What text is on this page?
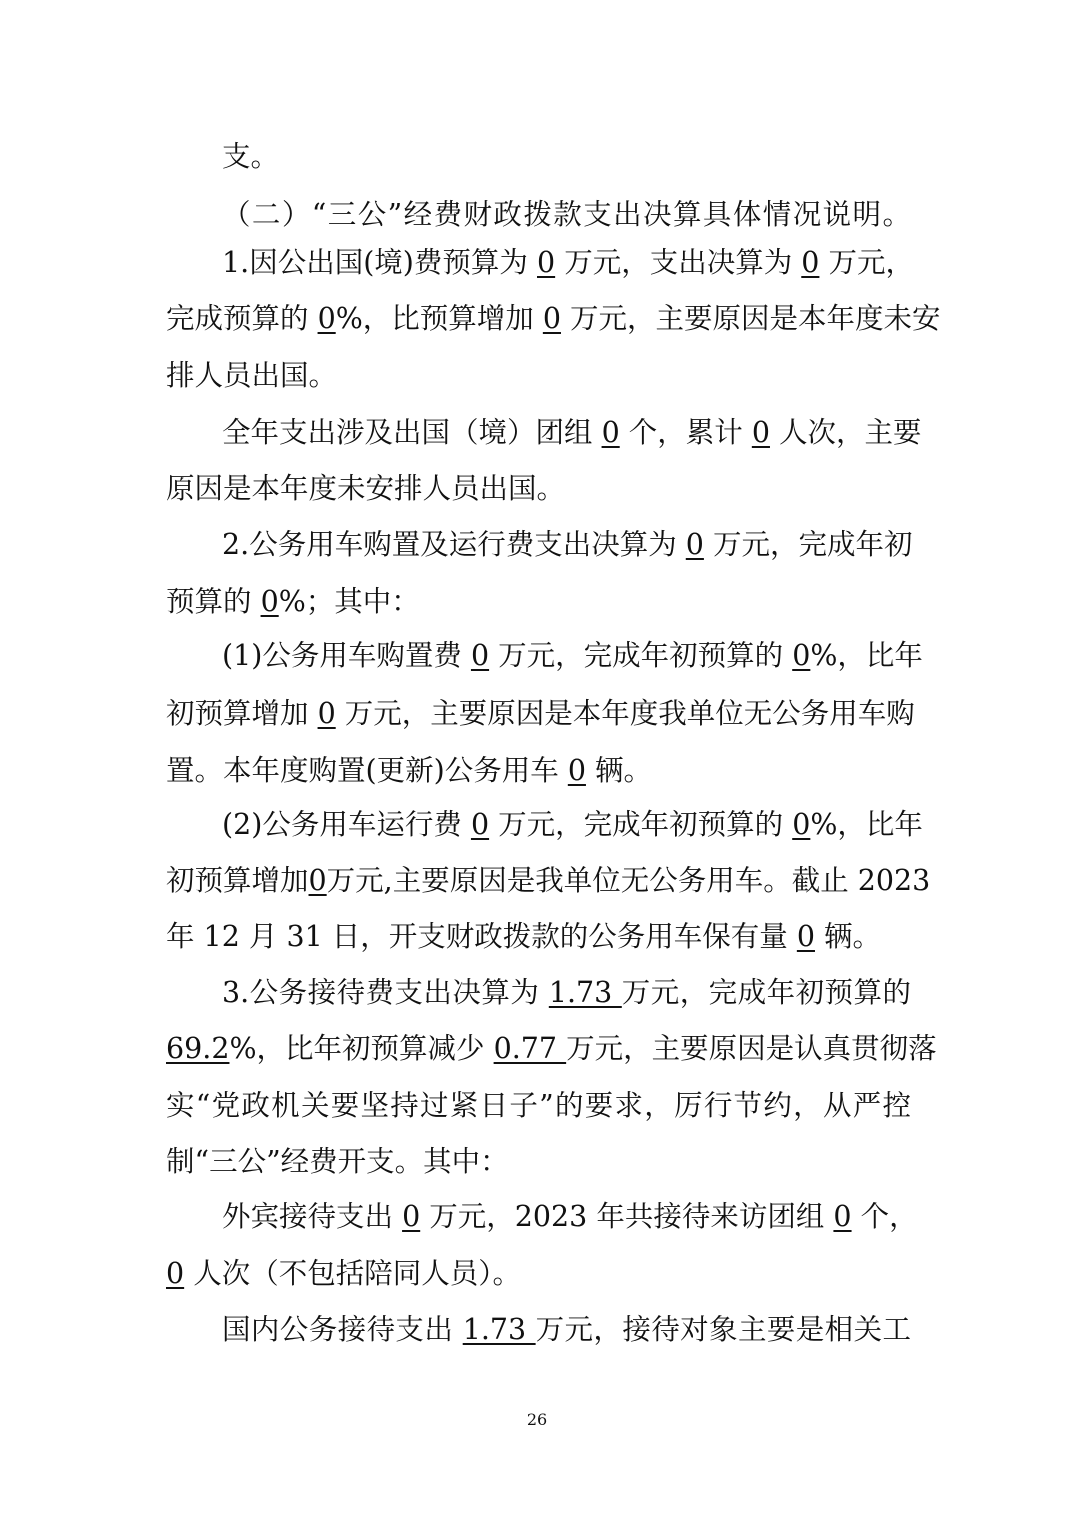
支。
（二）“三公”经费财政拨款支出决算具体情况说明。
1.因公出国(境)费预算为 0 万元，支出决算为 0 万元，
完成预算的 0%，比预算增加 0 万元，主要原因是本年度未安
排人员出国。
全年支出涉及出国（境）团组 0 个，累计 0 人次，主要
原因是本年度未安排人员出国。
2.公务用车购置及运行费支出决算为 0 万元，完成年初
预算的 0%；其中：
(1)公务用车购置费 0 万元，完成年初预算的 0%，比年
初预算增加 0 万元，主要原因是本年度我单位无公务用车购
置。本年度购置(更新)公务用车 0 辆。
(2)公务用车运行费 0 万元，完成年初预算的 0%，比年
初预算增加0万元,主要原因是我单位无公务用车。截止 2023
年 12 月 31 日，开支财政拨款的公务用车保有量 0 辆。
3.公务接待费支出决算为 1.73 万元，完成年初预算的
69.2%，比年初预算减少 0.77 万元，主要原因是认真贯彻落
实“党政机关要坚持过紧日子”的要求，厉行节约，从严控
制“三公”经费开支。其中：
外宾接待支出 0 万元，2023 年共接待来访团组 0 个，
0 人次（不包括陪同人员）。
国内公务接待支出 1.73 万元，接待对象主要是相关工
26
